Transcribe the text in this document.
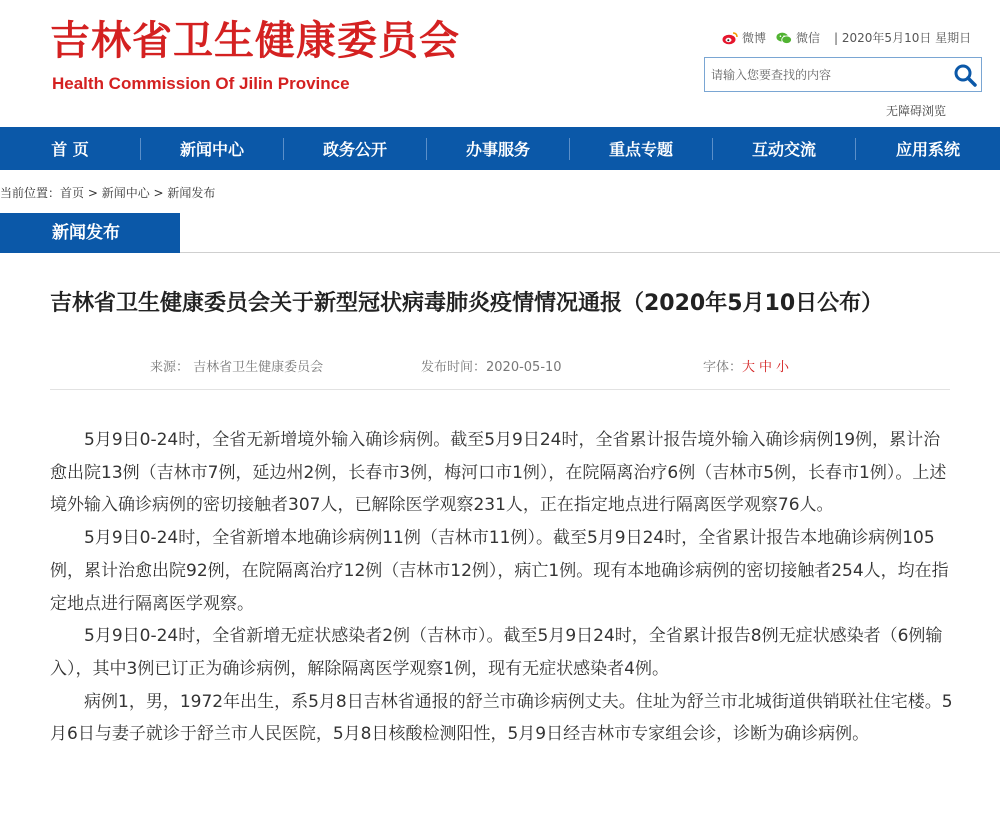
吉林省卫生健康委员会
Health Commission Of Jilin Province
微博	微信 | 2020年5月10日 星期日
请输入您要查找的内容
无障碍浏览
首 页	新闻中心	政务公开	办事服务	重点专题	互动交流	应用系统
当前位置：首页 > 新闻中心 > 新闻发布
新闻发布
吉林省卫生健康委员会关于新型冠状病毒肺炎疫情情况通报（2020年5月10日公布）
来源： 吉林省卫生健康委员会	发布时间：2020-05-10	字体：大 中 小

5月9日0-24时，全省无新增境外输入确诊病例。截至5月9日24时，全省累计报告境外输入确诊病例19例，累计治愈出院13例（吉林市7例，延边州2例，长春市3例，梅河口市1例），在院隔离治疗6例（吉林市5例，长春市1例）。上述境外输入确诊病例的密切接触者307人，已解除医学观察231人，正在指定地点进行隔离医学观察76人。

5月9日0-24时，全省新增本地确诊病例11例（吉林市11例）。截至5月9日24时，全省累计报告本地确诊病例105例，累计治愈出院92例，在院隔离治疗12例（吉林市12例），病亡1例。现有本地确诊病例的密切接触者254人，均在指定地点进行隔离医学观察。

5月9日0-24时，全省新增无症状感染者2例（吉林市）。截至5月9日24时，全省累计报告8例无症状感染者（6例输入），其中3例已订正为确诊病例，解除隔离医学观察1例，现有无症状感染者4例。

病例1，男，1972年出生，系5月8日吉林省通报的舒兰市确诊病例丈夫。住址为舒兰市北城街道供销联社住宅楼。5月6日与妻子就诊于舒兰市人民医院，5月8日核酸检测阳性，5月9日经吉林市专家组会诊，诊断为确诊病例。
